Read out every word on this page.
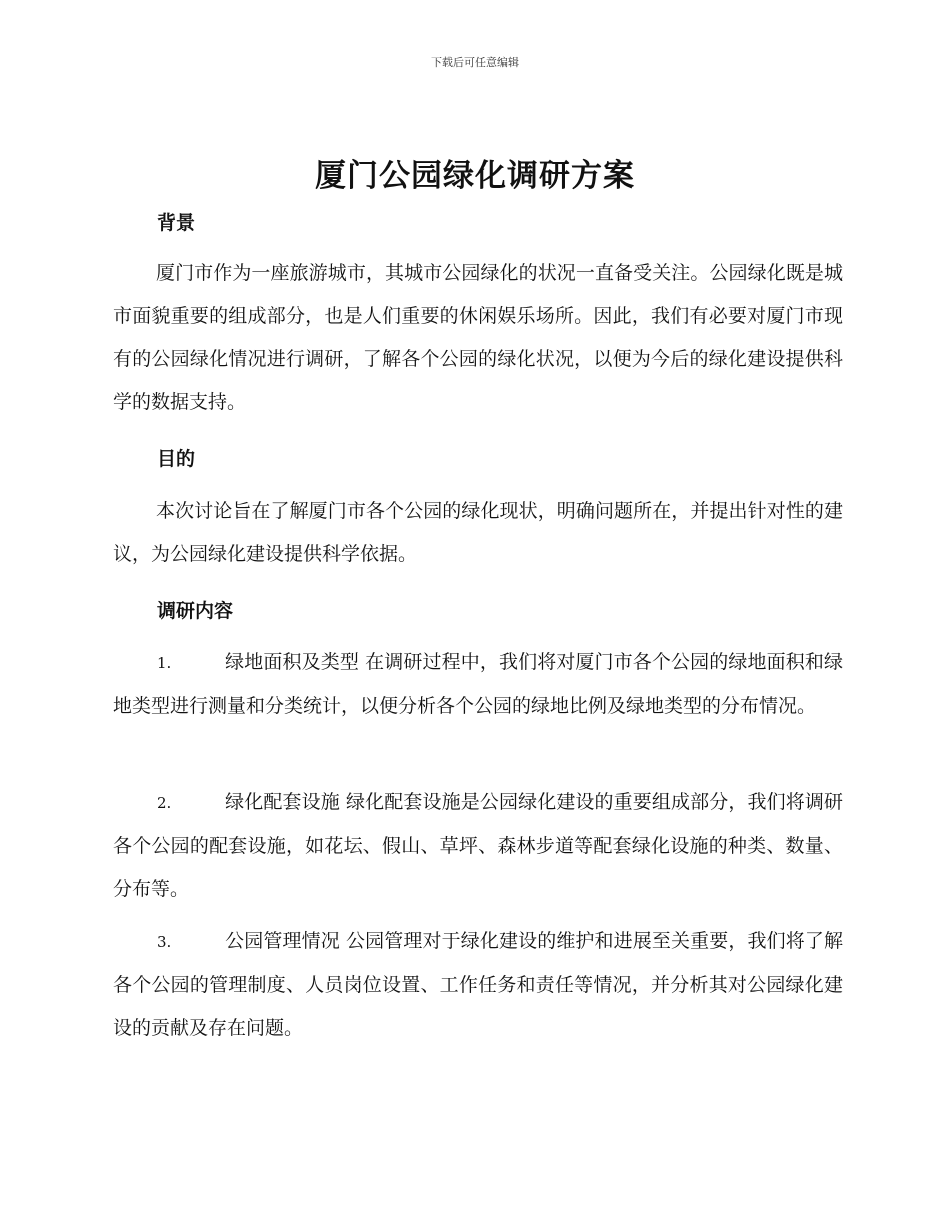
下载后可任意编辑
厦门公园绿化调研方案
背景
厦门市作为一座旅游城市，其城市公园绿化的状况一直备受关注。公园绿化既是城市面貌重要的组成部分，也是人们重要的休闲娱乐场所。因此，我们有必要对厦门市现有的公园绿化情况进行调研，了解各个公园的绿化状况，以便为今后的绿化建设提供科学的数据支持。
目的
本次讨论旨在了解厦门市各个公园的绿化现状，明确问题所在，并提出针对性的建议，为公园绿化建设提供科学依据。
调研内容
1.	绿地面积及类型 在调研过程中，我们将对厦门市各个公园的绿地面积和绿地类型进行测量和分类统计，以便分析各个公园的绿地比例及绿地类型的分布情况。
2.	绿化配套设施 绿化配套设施是公园绿化建设的重要组成部分，我们将调研各个公园的配套设施，如花坛、假山、草坪、森林步道等配套绿化设施的种类、数量、分布等。
3.	公园管理情况 公园管理对于绿化建设的维护和进展至关重要，我们将了解各个公园的管理制度、人员岗位设置、工作任务和责任等情况，并分析其对公园绿化建设的贡献及存在问题。
